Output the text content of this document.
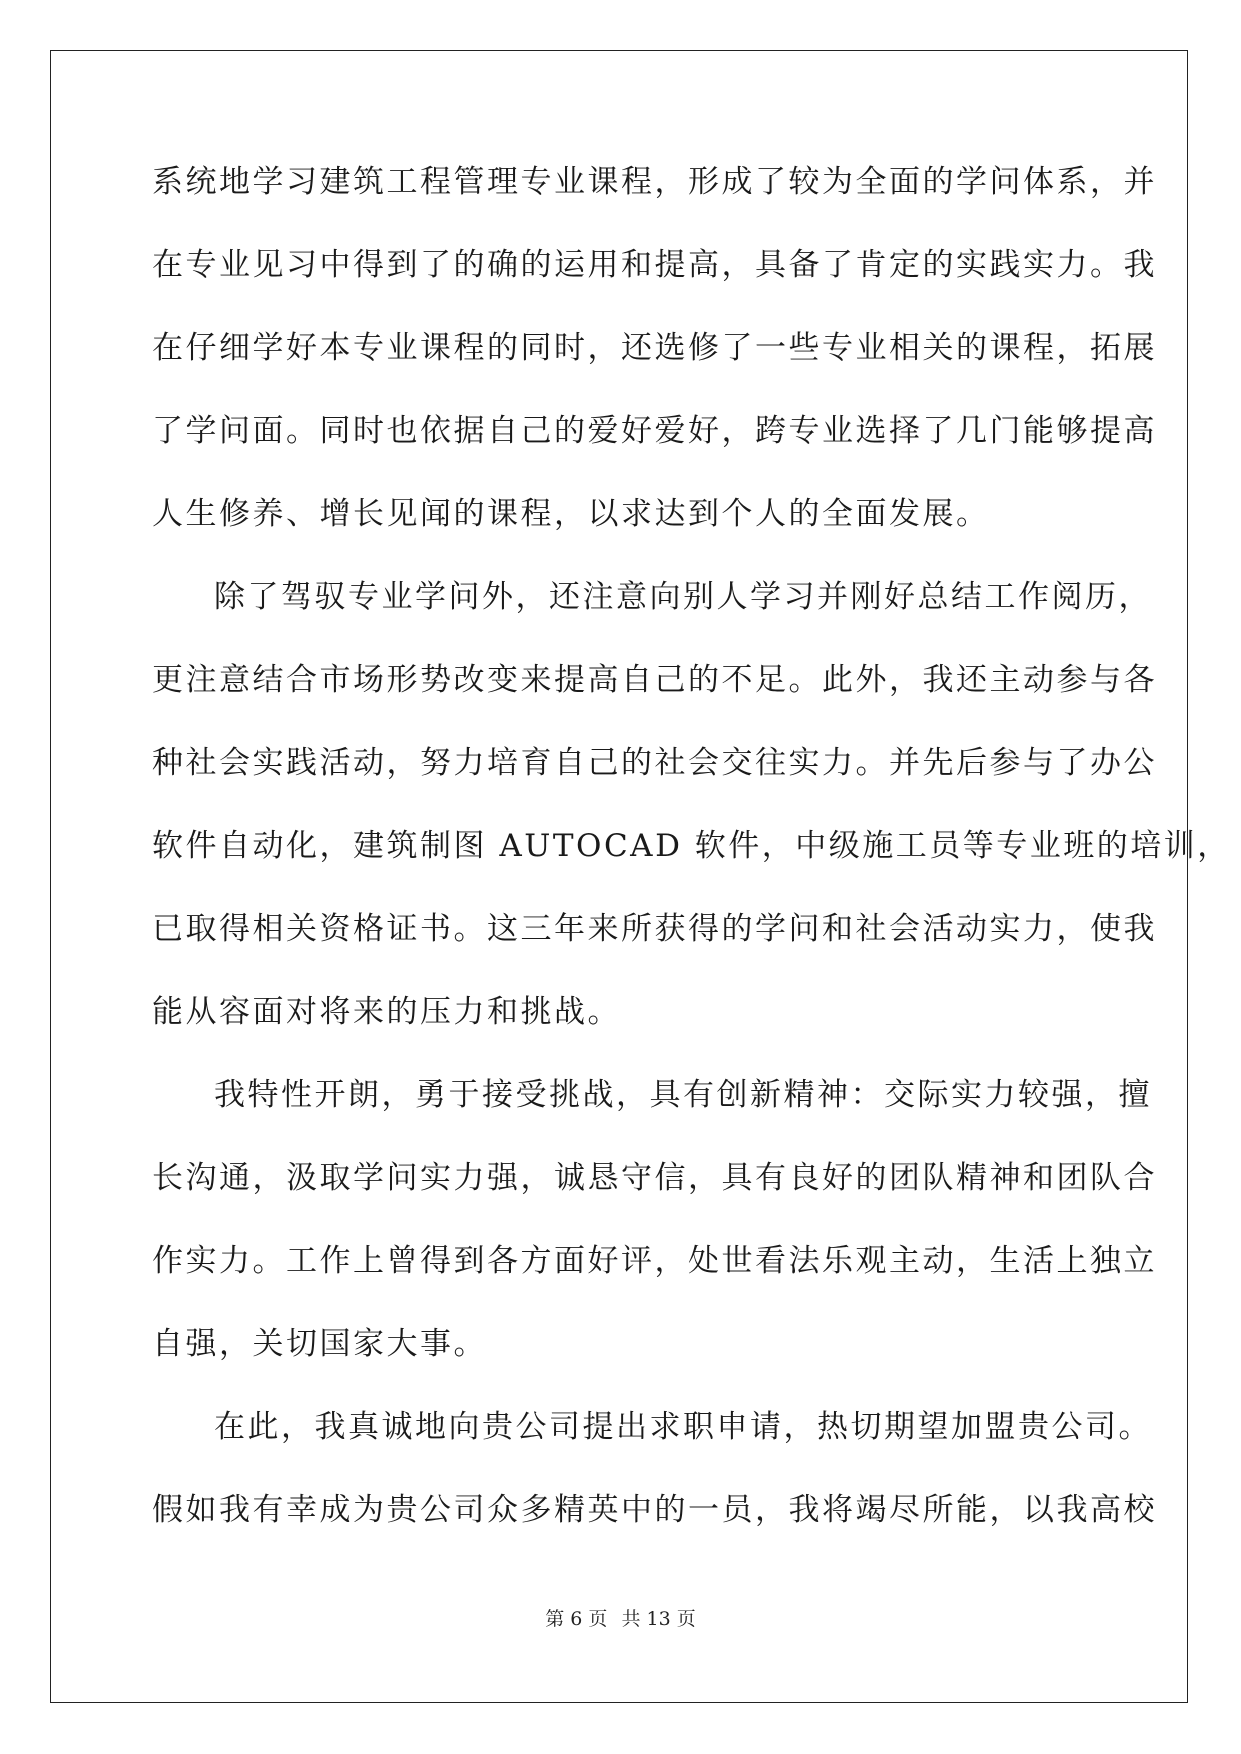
系统地学习建筑工程管理专业课程，形成了较为全面的学问体系，并
在专业见习中得到了的确的运用和提高，具备了肯定的实践实力。我
在仔细学好本专业课程的同时，还选修了一些专业相关的课程，拓展
了学问面。同时也依据自己的爱好爱好，跨专业选择了几门能够提高
人生修养、增长见闻的课程，以求达到个人的全面发展。
除了驾驭专业学问外，还注意向别人学习并刚好总结工作阅历，
更注意结合市场形势改变来提高自己的不足。此外，我还主动参与各
种社会实践活动，努力培育自己的社会交往实力。并先后参与了办公
软件自动化，建筑制图 AUTOCAD 软件，中级施工员等专业班的培训，
已取得相关资格证书。这三年来所获得的学问和社会活动实力，使我
能从容面对将来的压力和挑战。
我特性开朗，勇于接受挑战，具有创新精神：交际实力较强，擅
长沟通，汲取学问实力强，诚恳守信，具有良好的团队精神和团队合
作实力。工作上曾得到各方面好评，处世看法乐观主动，生活上独立
自强，关切国家大事。
在此，我真诚地向贵公司提出求职申请，热切期望加盟贵公司。
假如我有幸成为贵公司众多精英中的一员，我将竭尽所能，以我高校
第 6 页 共 13 页
